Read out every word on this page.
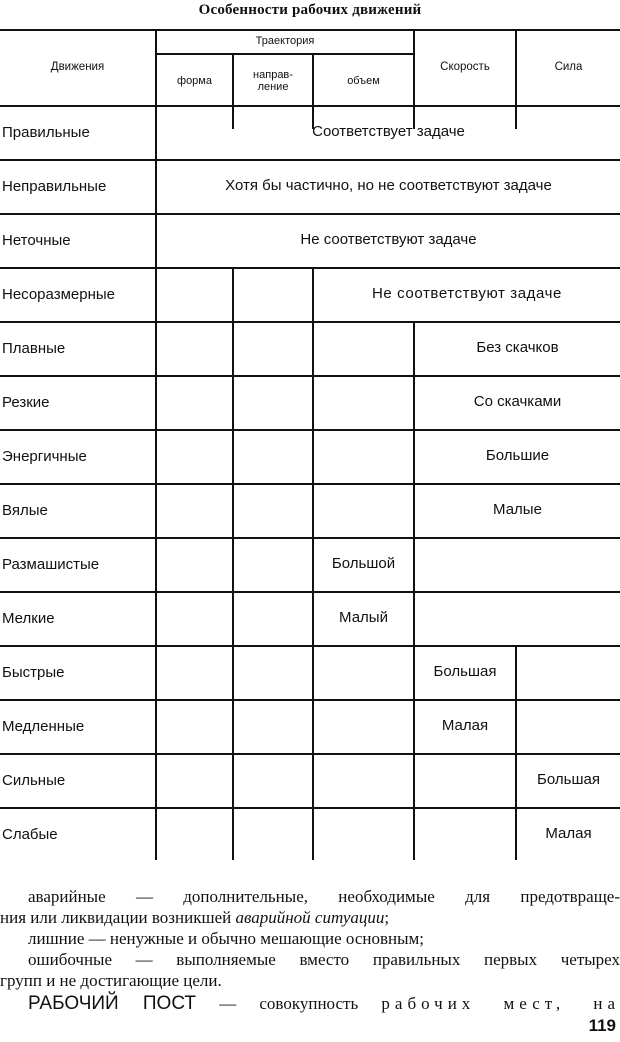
Особенности рабочих движений
Движения
Траектория
форма
направ-
ление
объем
Скорость	Сила
Правильные
Неправильные
Неточные
Несоразмерные
Плавные
Резкие
Энергичные
Вялые
Размашистые
Мелкие
Быстрые
Медленные
Сильные
Слабые
Соответствует задаче
Хотя бы частично, но не соответствуют задаче
Не соответствуют задаче
Не соответствуют задаче
Без скачков
Со скачками
Большие
Малые
Большой
Малый
Большая
Малая
Большая
Малая

аварийные — дополнительные, необходимые для предотвраще-

ния или ликвидации возникшей аварийной ситуации;

лишние — ненужные и обычно мешающие основным;

ошибочные — выполняемые вместо правильных первых четырех

групп и не достигающие цели.

РАБОЧИЙ ПОСТ — совокупность рабочих мест, на

119
